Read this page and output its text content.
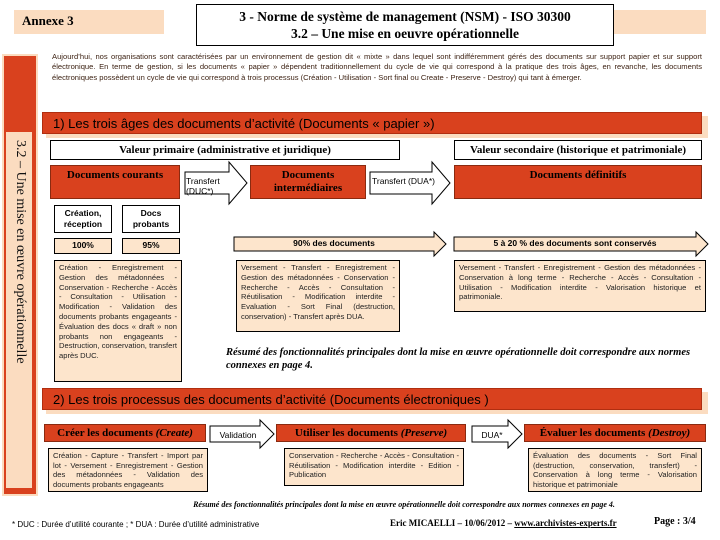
Annexe 3	3 - Norme de système de management (NSM) - ISO 30300
3.2 – Une mise en oeuvre opérationnelle
3.2 – Une mise en œuvre opérationnelle
Aujourd’hui, nos organisations sont caractérisées par un environnement de gestion dit « mixte » dans lequel sont indifféremment gérés des documents sur support papier et sur support électronique. En terme de gestion, si les documents « papier » dépendent traditionnellement du cycle de vie qui correspond à la pratique des trois âges, en revanche, les documents électroniques possèdent un cycle de vie qui correspond à trois processus (Création - Utilisation - Sort final ou Create - Preserve - Destroy) qui tant à émerger.
1) Les trois âges des documents d’activité (Documents « papier »)
Valeur primaire (administrative et juridique)	Valeur secondaire (historique et patrimoniale)
Documents courants	Documents intermédiaires
Documents définitifs
Transfert (DUC*)
Transfert (DUA*)
Création, réception
Docs probants
100%	95%	90% des documents	5 à 20 % des documents sont conservés
Création - Enregistrement - Gestion des métadonnées - Conservation - Recherche - Accès - Consultation - Utilisation - Modification - Validation des documents probants engageants - Évaluation des docs « draft » non probants non engageants - Destruction, conservation, transfert après DUC.
Versement - Transfert - Enregistrement - Gestion des métadonnées - Conservation - Recherche - Accès - Consultation - Réutilisation - Modification interdite - Evaluation - Sort Final (destruction, conservation) - Transfert après DUA.
Versement - Transfert - Enregistrement - Gestion des métadonnées - Conservation à long terme - Recherche - Accès - Consultation - Utilisation - Modification interdite - Valorisation historique et patrimoniale.
Résumé des fonctionnalités principales dont la mise en œuvre opérationnelle doit correspondre aux normes connexes en page 4.
2) Les trois processus des documents d’activité (Documents électroniques )
Créer les documents (Create)	Utiliser les documents (Preserve)	Évaluer les documents (Destroy)
Validation	DUA*
Création - Capture - Transfert - Import par lot - Versement - Enregistrement - Gestion des métadonnées - Validation des documents probants engageants
Conservation - Recherche - Accès - Consultation - Réutilisation - Modification interdite - Edition - Publication
Évaluation des documents - Sort Final (destruction, conservation, transfert) - Conservation à long terme - Valorisation historique et patrimoniale
Résumé des fonctionnalités principales dont la mise en œuvre opérationnelle doit correspondre aux normes connexes en page 4.
* DUC : Durée d’utilité courante ; * DUA : Durée d’utilité administrative	Eric MICAELLI – 10/06/2012 – www.archivistes-experts.fr	Page : 3/4
